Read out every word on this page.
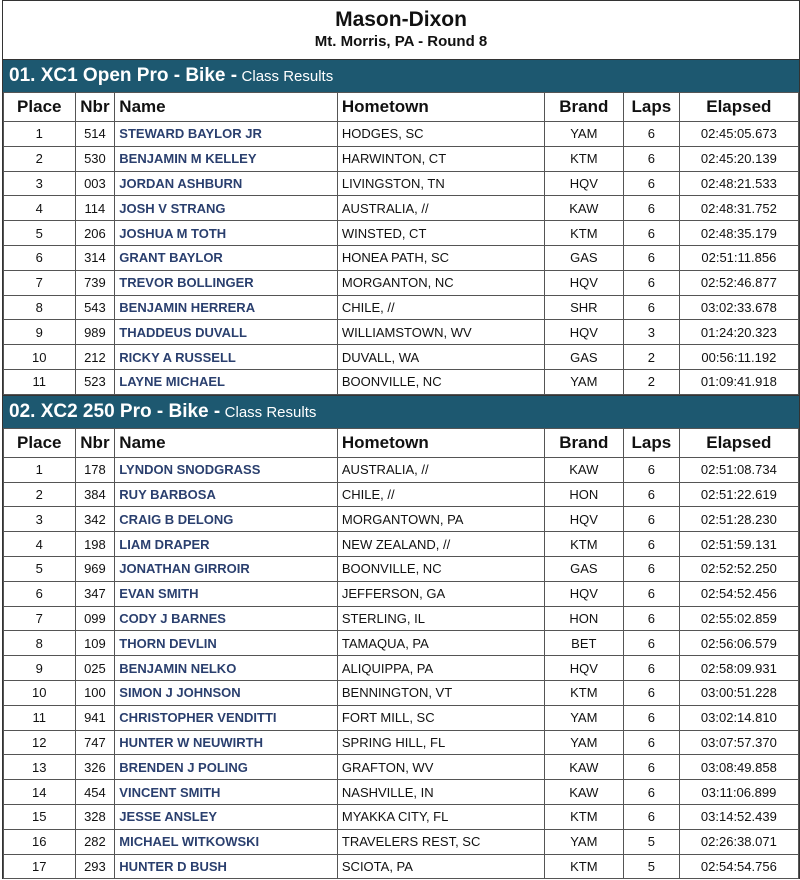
Mason-Dixon
Mt. Morris, PA - Round 8
01. XC1 Open Pro - Bike - Class Results
Place	Nbr	Name	Hometown	Brand	Laps	Elapsed
1	514	STEWARD BAYLOR JR	HODGES, SC	YAM	6	02:45:05.673
2	530	BENJAMIN M KELLEY	HARWINTON, CT	KTM	6	02:45:20.139
3	003	JORDAN ASHBURN	LIVINGSTON, TN	HQV	6	02:48:21.533
4	114	JOSH V STRANG	AUSTRALIA, //	KAW	6	02:48:31.752
5	206	JOSHUA M TOTH	WINSTED, CT	KTM	6	02:48:35.179
6	314	GRANT BAYLOR	HONEA PATH, SC	GAS	6	02:51:11.856
7	739	TREVOR BOLLINGER	MORGANTON, NC	HQV	6	02:52:46.877
8	543	BENJAMIN HERRERA	CHILE, //	SHR	6	03:02:33.678
9	989	THADDEUS DUVALL	WILLIAMSTOWN, WV	HQV	3	01:24:20.323
10	212	RICKY A RUSSELL	DUVALL, WA	GAS	2	00:56:11.192
11	523	LAYNE MICHAEL	BOONVILLE, NC	YAM	2	01:09:41.918
02. XC2 250 Pro - Bike - Class Results
Place	Nbr	Name	Hometown	Brand	Laps	Elapsed
1	178	LYNDON SNODGRASS	AUSTRALIA, //	KAW	6	02:51:08.734
2	384	RUY BARBOSA	CHILE, //	HON	6	02:51:22.619
3	342	CRAIG B DELONG	MORGANTOWN, PA	HQV	6	02:51:28.230
4	198	LIAM DRAPER	NEW ZEALAND, //	KTM	6	02:51:59.131
5	969	JONATHAN GIRROIR	BOONVILLE, NC	GAS	6	02:52:52.250
6	347	EVAN SMITH	JEFFERSON, GA	HQV	6	02:54:52.456
7	099	CODY J BARNES	STERLING, IL	HON	6	02:55:02.859
8	109	THORN DEVLIN	TAMAQUA, PA	BET	6	02:56:06.579
9	025	BENJAMIN NELKO	ALIQUIPPA, PA	HQV	6	02:58:09.931
10	100	SIMON J JOHNSON	BENNINGTON, VT	KTM	6	03:00:51.228
11	941	CHRISTOPHER VENDITTI	FORT MILL, SC	YAM	6	03:02:14.810
12	747	HUNTER W NEUWIRTH	SPRING HILL, FL	YAM	6	03:07:57.370
13	326	BRENDEN J POLING	GRAFTON, WV	KAW	6	03:08:49.858
14	454	VINCENT SMITH	NASHVILLE, IN	KAW	6	03:11:06.899
15	328	JESSE ANSLEY	MYAKKA CITY, FL	KTM	6	03:14:52.439
16	282	MICHAEL WITKOWSKI	TRAVELERS REST, SC	YAM	5	02:26:38.071
17	293	HUNTER D BUSH	SCIOTA, PA	KTM	5	02:54:54.756
